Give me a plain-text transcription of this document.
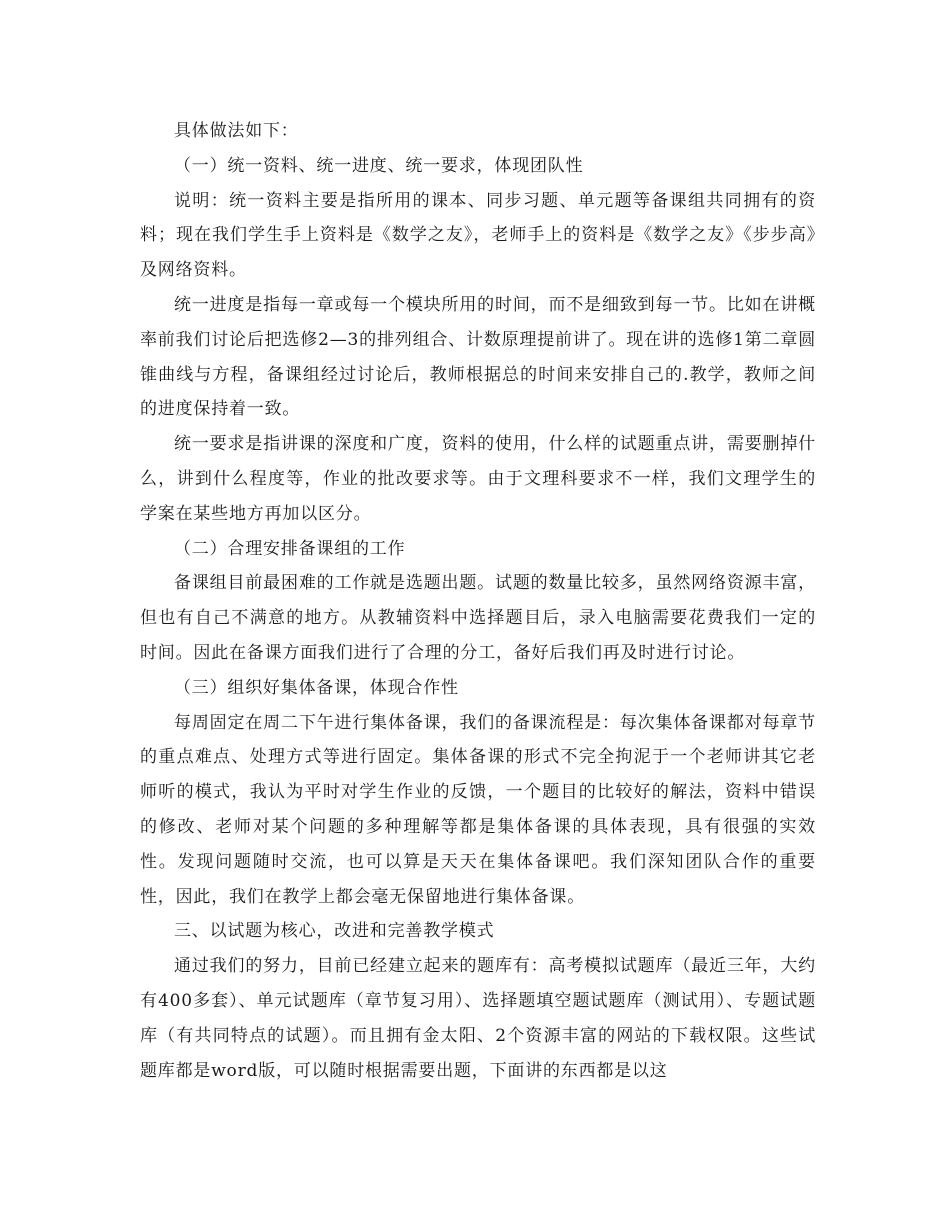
具体做法如下：

（一）统一资料、统一进度、统一要求，体现团队性

说明：统一资料主要是指所用的课本、同步习题、单元题等备课组共同拥有的资料；现在我们学生手上资料是《数学之友》，老师手上的资料是《数学之友》《步步高》及网络资料。

统一进度是指每一章或每一个模块所用的时间，而不是细致到每一节。比如在讲概率前我们讨论后把选修2—3的排列组合、计数原理提前讲了。现在讲的选修1第二章圆锥曲线与方程，备课组经过讨论后，教师根据总的时间来安排自己的.教学，教师之间的进度保持着一致。

统一要求是指讲课的深度和广度，资料的使用，什么样的试题重点讲，需要删掉什么，讲到什么程度等，作业的批改要求等。由于文理科要求不一样，我们文理学生的学案在某些地方再加以区分。

（二）合理安排备课组的工作

备课组目前最困难的工作就是选题出题。试题的数量比较多，虽然网络资源丰富，但也有自己不满意的地方。从教辅资料中选择题目后，录入电脑需要花费我们一定的时间。因此在备课方面我们进行了合理的分工，备好后我们再及时进行讨论。

（三）组织好集体备课，体现合作性

每周固定在周二下午进行集体备课，我们的备课流程是：每次集体备课都对每章节的重点难点、处理方式等进行固定。集体备课的形式不完全拘泥于一个老师讲其它老师听的模式，我认为平时对学生作业的反馈，一个题目的比较好的解法，资料中错误的修改、老师对某个问题的多种理解等都是集体备课的具体表现，具有很强的实效性。发现问题随时交流，也可以算是天天在集体备课吧。我们深知团队合作的重要性，因此，我们在教学上都会毫无保留地进行集体备课。

三、以试题为核心，改进和完善教学模式

通过我们的努力，目前已经建立起来的题库有：高考模拟试题库（最近三年，大约有400多套）、单元试题库（章节复习用）、选择题填空题试题库（测试用）、专题试题库（有共同特点的试题）。而且拥有金太阳、2个资源丰富的网站的下载权限。这些试题库都是word版，可以随时根据需要出题，下面讲的东西都是以这
